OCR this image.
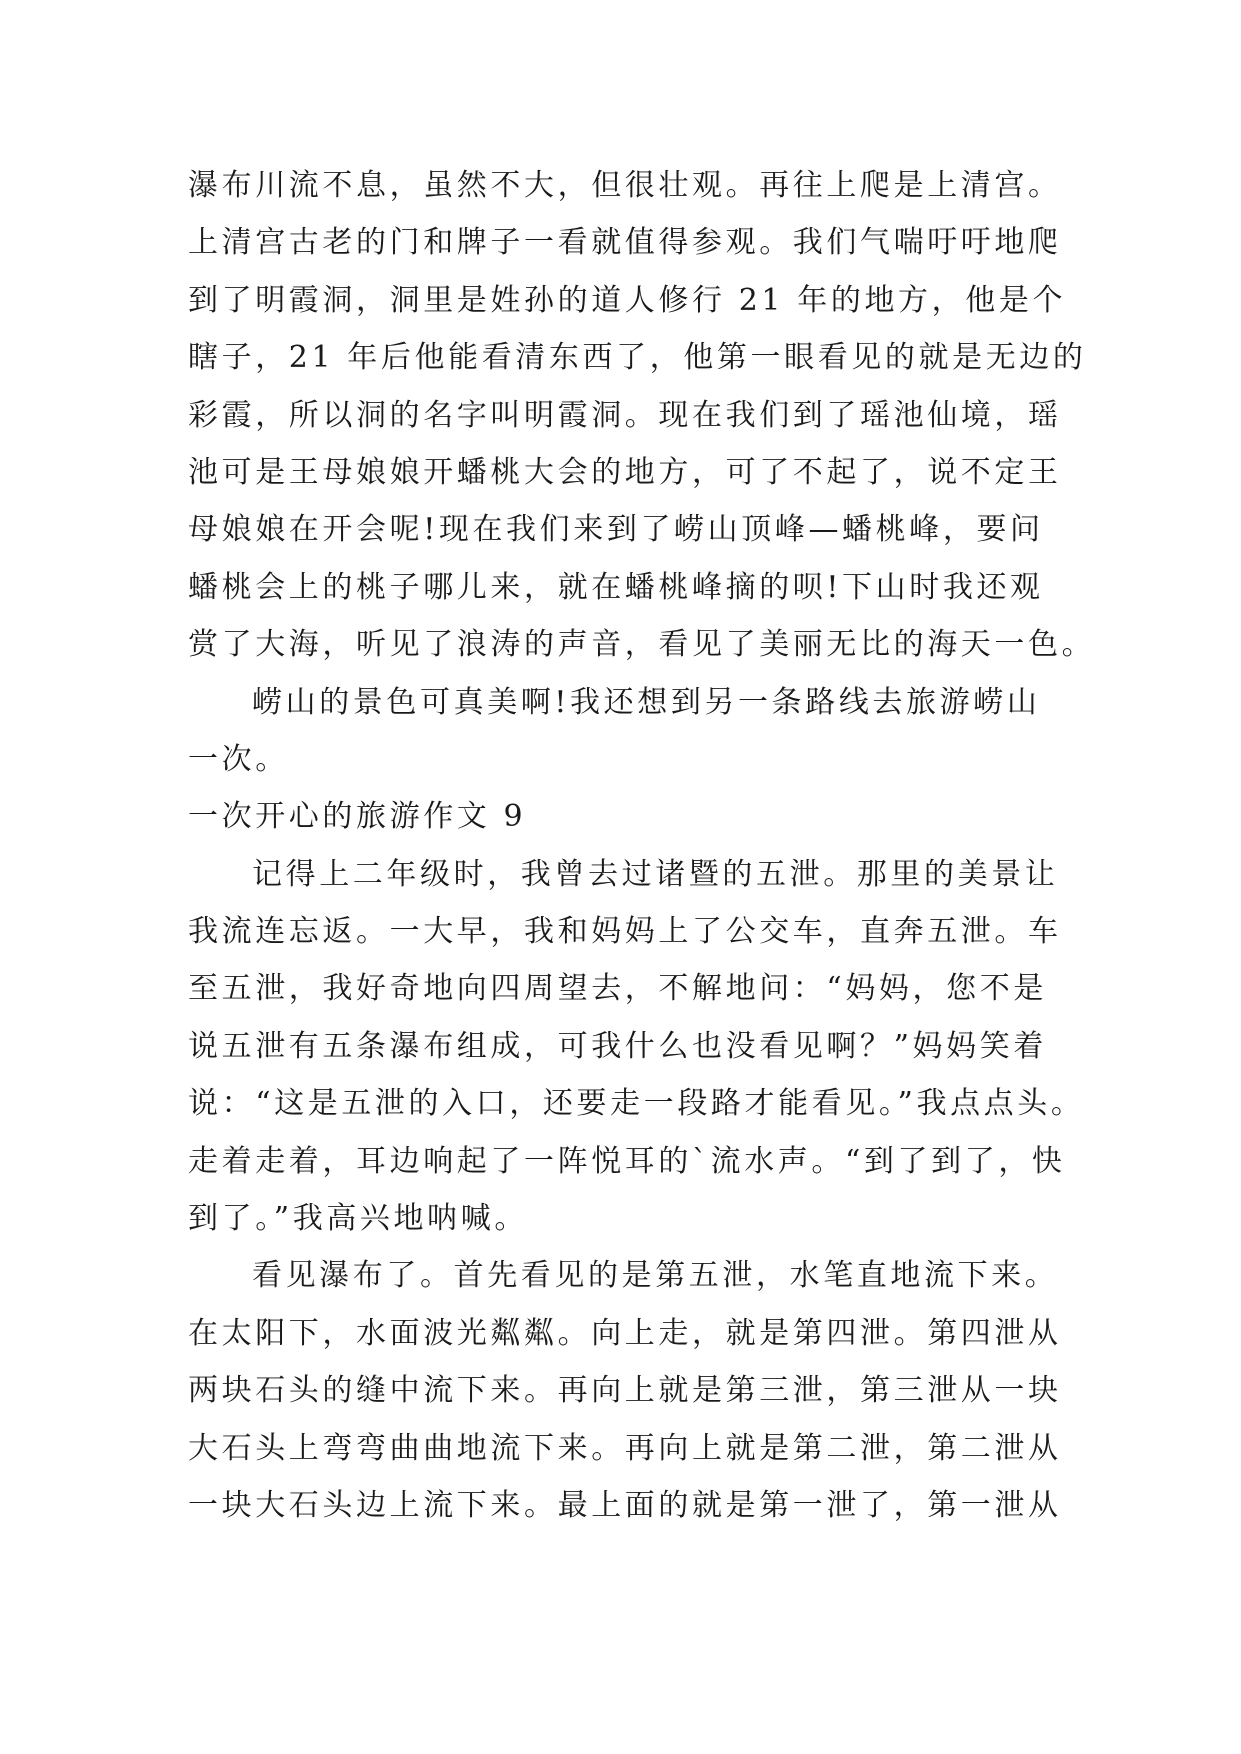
瀑布川流不息，虽然不大，但很壮观。再往上爬是上清宫。
上清宫古老的门和牌子一看就值得参观。我们气喘吁吁地爬
到了明霞洞，洞里是姓孙的道人修行 21 年的地方，他是个
瞎子，21 年后他能看清东西了，他第一眼看见的就是无边的
彩霞，所以洞的名字叫明霞洞。现在我们到了瑶池仙境，瑶
池可是王母娘娘开蟠桃大会的地方，可了不起了，说不定王
母娘娘在开会呢!现在我们来到了崂山顶峰—蟠桃峰，要问
蟠桃会上的桃子哪儿来，就在蟠桃峰摘的呗!下山时我还观
赏了大海，听见了浪涛的声音，看见了美丽无比的海天一色。
崂山的景色可真美啊!我还想到另一条路线去旅游崂山
一次。
一次开心的旅游作文 9
记得上二年级时，我曾去过诸暨的五泄。那里的美景让
我流连忘返。一大早，我和妈妈上了公交车，直奔五泄。车
至五泄，我好奇地向四周望去，不解地问：“妈妈，您不是
说五泄有五条瀑布组成，可我什么也没看见啊？”妈妈笑着
说：“这是五泄的入口，还要走一段路才能看见。”我点点头。
走着走着，耳边响起了一阵悦耳的`流水声。“到了到了，快
到了。”我高兴地呐喊。
看见瀑布了。首先看见的是第五泄，水笔直地流下来。
在太阳下，水面波光粼粼。向上走，就是第四泄。第四泄从
两块石头的缝中流下来。再向上就是第三泄，第三泄从一块
大石头上弯弯曲曲地流下来。再向上就是第二泄，第二泄从
一块大石头边上流下来。最上面的就是第一泄了，第一泄从
